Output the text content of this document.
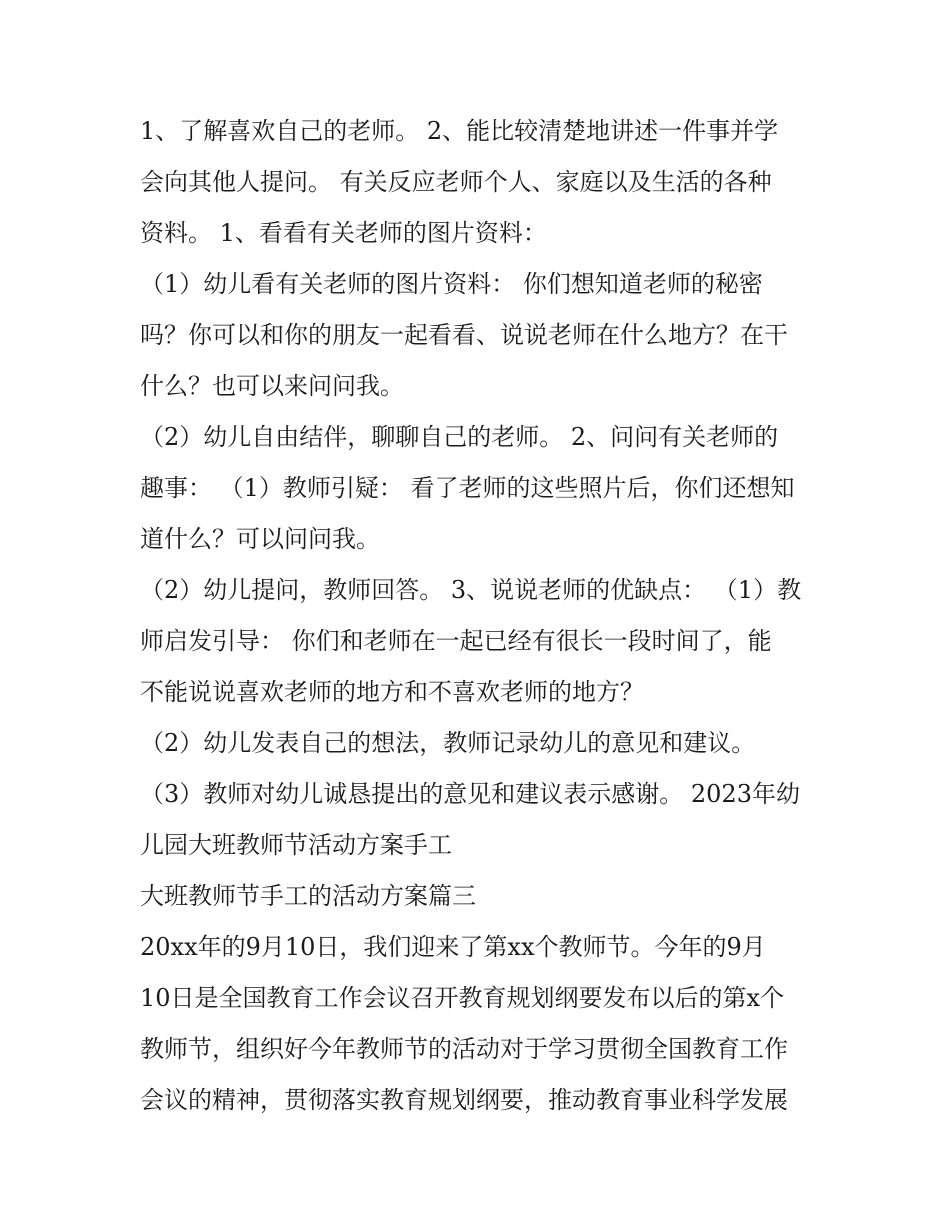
1、了解喜欢自己的老师。 2、能比较清楚地讲述一件事并学
会向其他人提问。 有关反应老师个人、家庭以及生活的各种
资料。 1、看看有关老师的图片资料：
（1）幼儿看有关老师的图片资料： 你们想知道老师的秘密
吗？你可以和你的朋友一起看看、说说老师在什么地方？在干
什么？也可以来问问我。
（2）幼儿自由结伴，聊聊自己的老师。 2、问问有关老师的
趣事： （1）教师引疑： 看了老师的这些照片后，你们还想知
道什么？可以问问我。
（2）幼儿提问，教师回答。 3、说说老师的优缺点： （1）教
师启发引导： 你们和老师在一起已经有很长一段时间了，能
不能说说喜欢老师的地方和不喜欢老师的地方？
（2）幼儿发表自己的想法，教师记录幼儿的意见和建议。
（3）教师对幼儿诚恳提出的意见和建议表示感谢。 2023年幼
儿园大班教师节活动方案手工
大班教师节手工的活动方案篇三
20xx年的9月10日，我们迎来了第xx个教师节。今年的9月
10日是全国教育工作会议召开教育规划纲要发布以后的第x个
教师节，组织好今年教师节的活动对于学习贯彻全国教育工作
会议的精神，贯彻落实教育规划纲要，推动教育事业科学发展
